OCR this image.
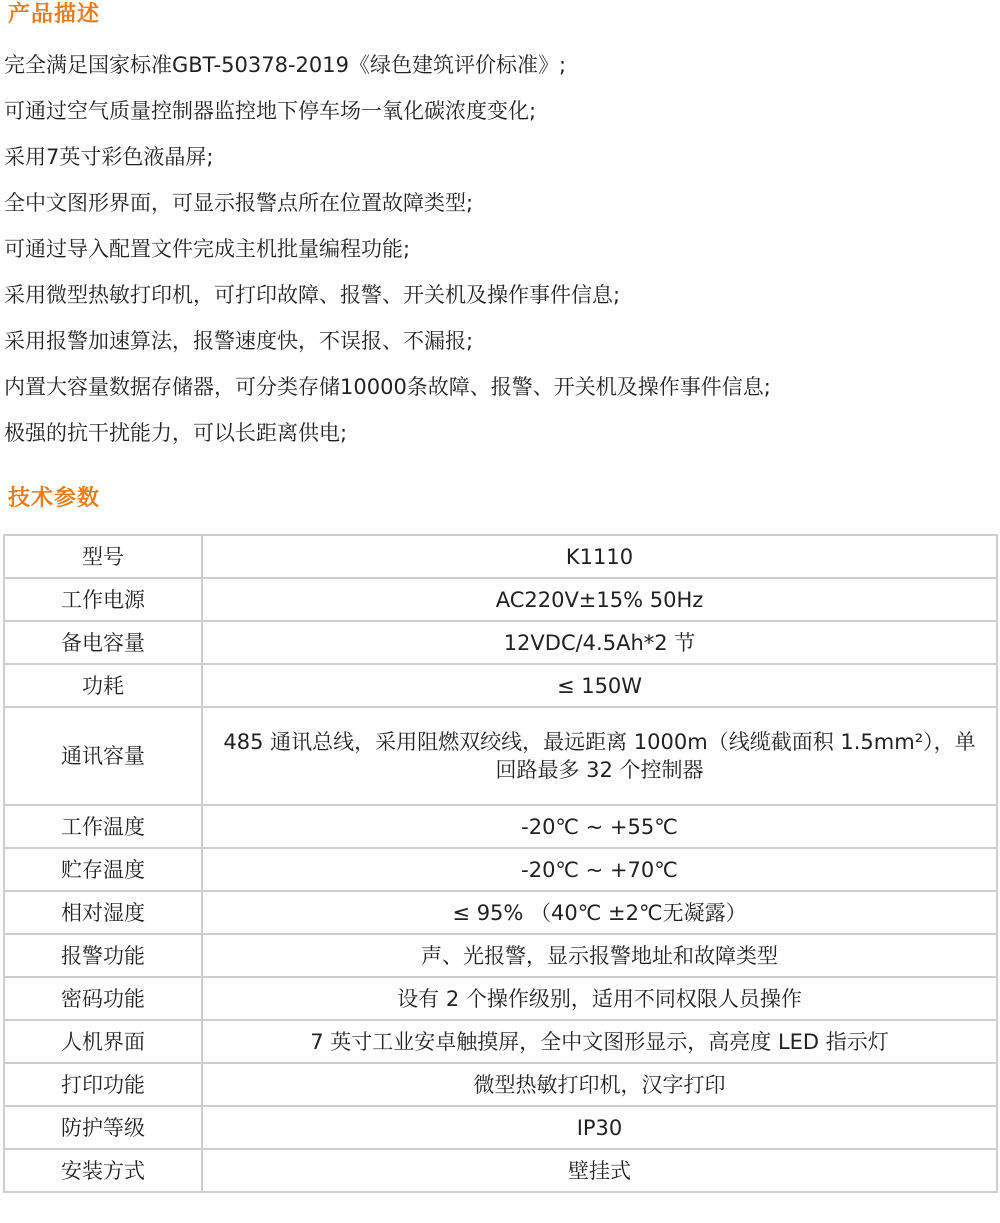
产品描述
完全满足国家标准GBT-50378-2019《绿色建筑评价标准》;
可通过空气质量控制器监控地下停车场一氧化碳浓度变化;
采用7英寸彩色液晶屏;
全中文图形界面，可显示报警点所在位置故障类型;
可通过导入配置文件完成主机批量编程功能;
采用微型热敏打印机，可打印故障、报警、开关机及操作事件信息;
采用报警加速算法，报警速度快，不误报、不漏报;
内置大容量数据存储器，可分类存储10000条故障、报警、开关机及操作事件信息;
极强的抗干扰能力，可以长距离供电;
技术参数
型号	K1110
工作电源	AC220V±15% 50Hz
备电容量	12VDC/4.5Ah*2 节
功耗	≤ 150W
通讯容量	485 通讯总线，采用阻燃双绞线，最远距离 1000m（线缆截面积 1.5mm²），单回路最多 32 个控制器
工作温度	-20℃ ~ +55℃
贮存温度	-20℃ ~ +70℃
相对湿度	≤ 95% （40℃ ±2℃无凝露）
报警功能	声、光报警，显示报警地址和故障类型
密码功能	设有 2 个操作级别，适用不同权限人员操作
人机界面	7 英寸工业安卓触摸屏，全中文图形显示，高亮度 LED 指示灯
打印功能	微型热敏打印机，汉字打印
防护等级	IP30
安装方式	壁挂式
